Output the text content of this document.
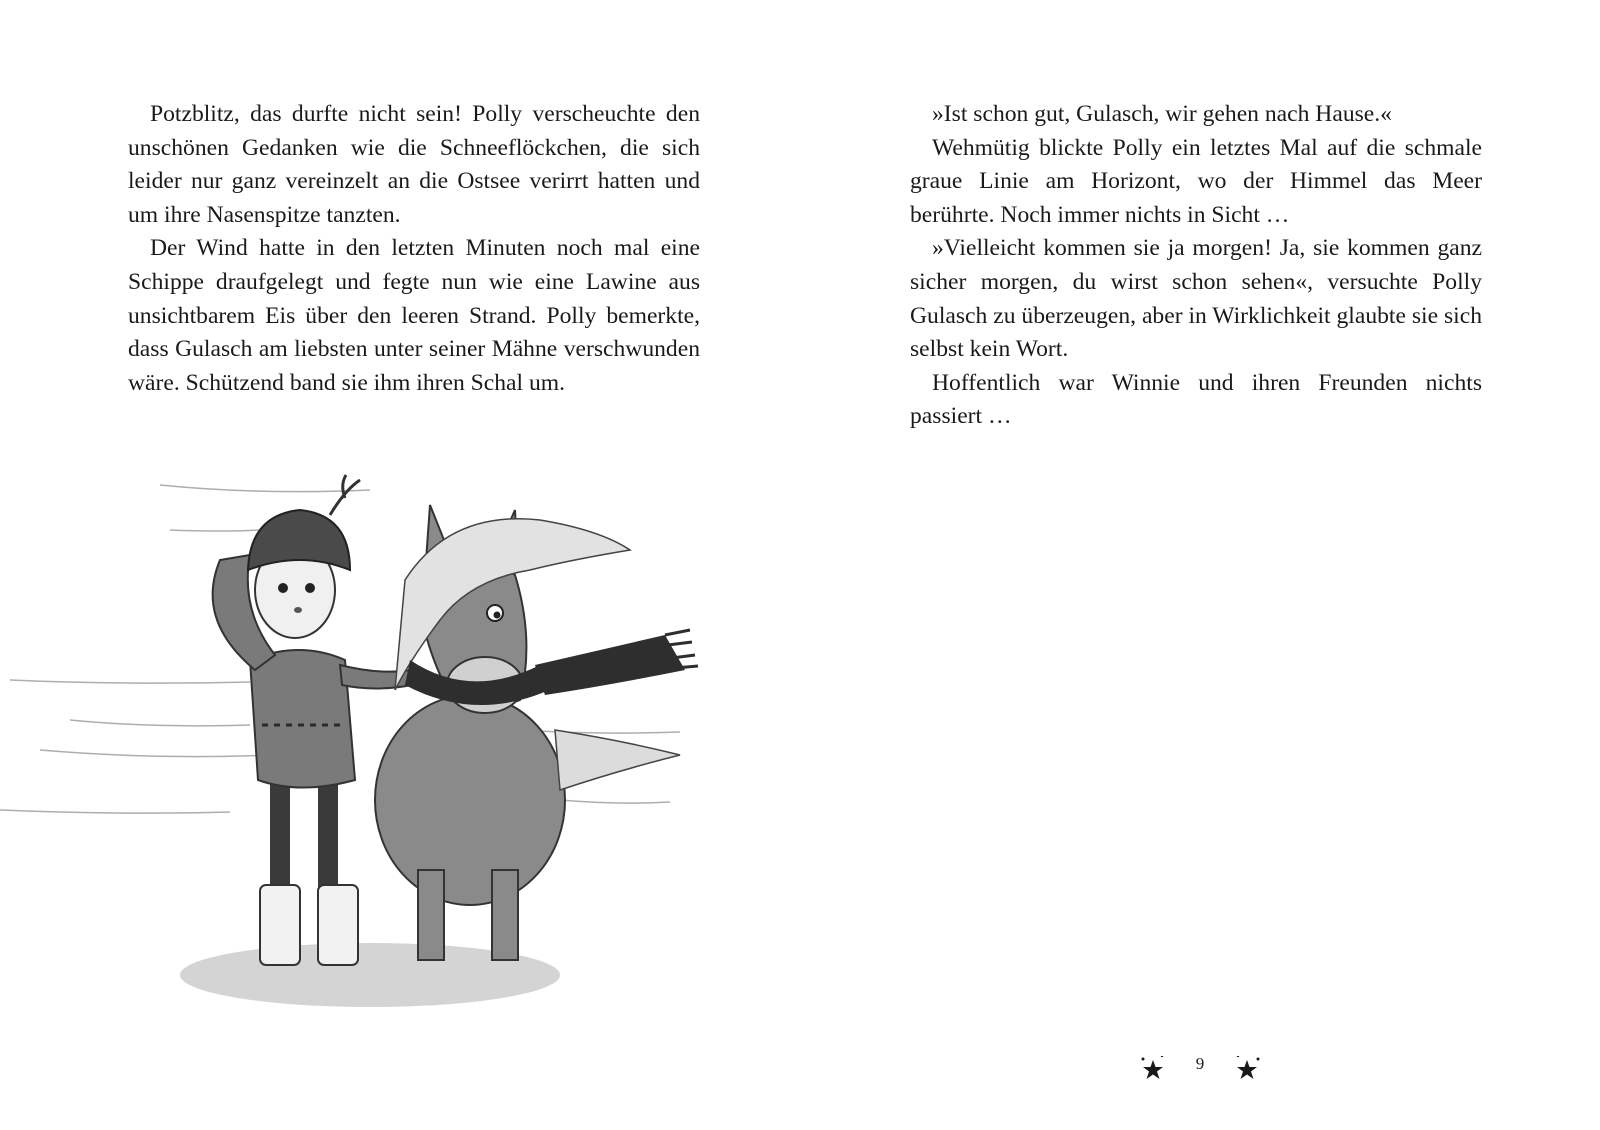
Potzblitz, das durfte nicht sein! Polly verscheuchte den unschönen Gedanken wie die Schneeflöckchen, die sich leider nur ganz vereinzelt an die Ostsee verirrt hatten und um ihre Nasenspitze tanzten.

Der Wind hatte in den letzten Minuten noch mal eine Schippe draufgelegt und fegte nun wie eine Lawine aus unsichtbarem Eis über den leeren Strand. Polly bemerkte, dass Gulasch am liebsten unter seiner Mähne verschwunden wäre. Schützend band sie ihm ihren Schal um.

»Ist schon gut, Gulasch, wir gehen nach Hause.«

Wehmütig blickte Polly ein letztes Mal auf die schmale graue Linie am Horizont, wo der Himmel das Meer berührte. Noch immer nichts in Sicht …

»Vielleicht kommen sie ja morgen! Ja, sie kommen ganz sicher morgen, du wirst schon sehen«, versuchte Polly Gulasch zu überzeugen, aber in Wirklichkeit glaubte sie sich selbst kein Wort.

Hoffentlich war Winnie und ihren Freunden nichts passiert …

9
